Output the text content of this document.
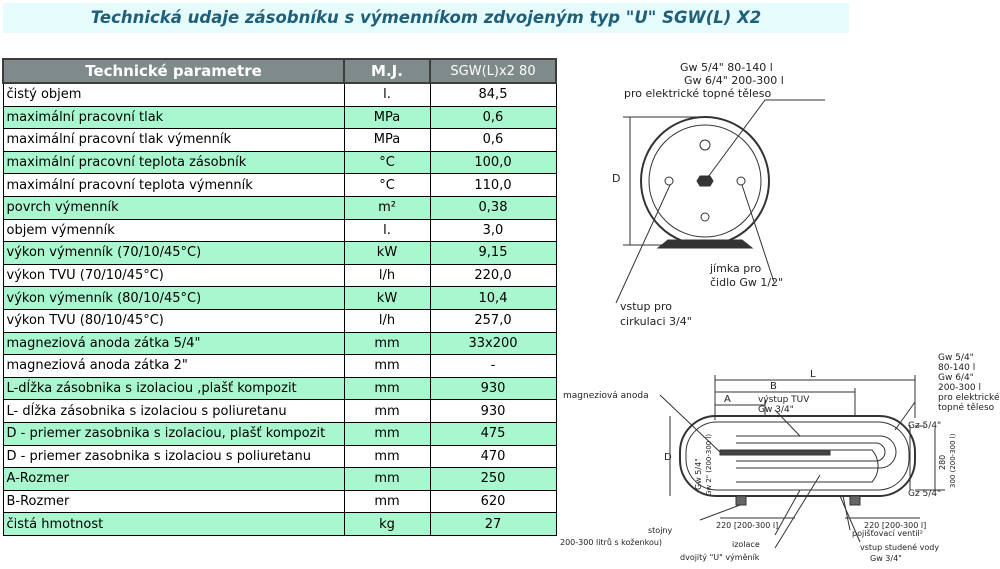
Technická udaje zásobníku s výmenníkom zdvojeným typ "U" SGW(L) X2
Technické parametre	M.J.	SGW(L)x2 80
čistý objem	l.	84,5
maximální pracovní tlak	MPa	0,6
maximální pracovní tlak výmenník	MPa	0,6
maximální pracovní teplota zásobník	°C	100,0
maximální pracovní teplota výmenník	°C	110,0
povrch výmenník	m²	0,38
objem výmenník	l.	3,0
výkon výmenník (70/10/45°C)	kW	9,15
výkon TVU (70/10/45°C)	l/h	220,0
výkon výmenník (80/10/45°C)	kW	10,4
výkon TVU (80/10/45°C)	l/h	257,0
magneziová anoda zátka 5/4"	mm	33x200
magneziová anoda zátka 2"	mm	-
L-dĺžka zásobnika s izolaciou ,plašť kompozit	mm	930
L- dĺžka zásobnika s izolaciou s poliuretanu	mm	930
D - priemer zasobnika s izolaciou, plašť kompozit	mm	475
D - priemer zasobnika s izolaciou s poliuretanu	mm	470
A-Rozmer	mm	250
B-Rozmer	mm	620
čistá hmotnost	kg	27
D
Gw 5/4" 80-140 l
Gw 6/4" 200-300 l
pro elektrické topné těleso
jímka pro
čidlo Gw 1/2"
vstup pro
cirkulaci 3/4"
L
B
A
D
magneziová anoda	výstup TUV
Gw 3/4"
Gw 5/4" Gw 2" (200-300 l)
Gw 5/4"
80-140 l
Gw 6/4"
200-300 l
pro elektrické
topné těleso
Gz 5/4"
Gz 5/4"
280 300 (200-300 l)
220 [200-300 l]	220 [200-300 l]
stojny
200-300 litrů s koženkou)	izolace
dvojitý "U" výměník
pojišťovací ventil²
vstup studené vody
Gw 3/4"
